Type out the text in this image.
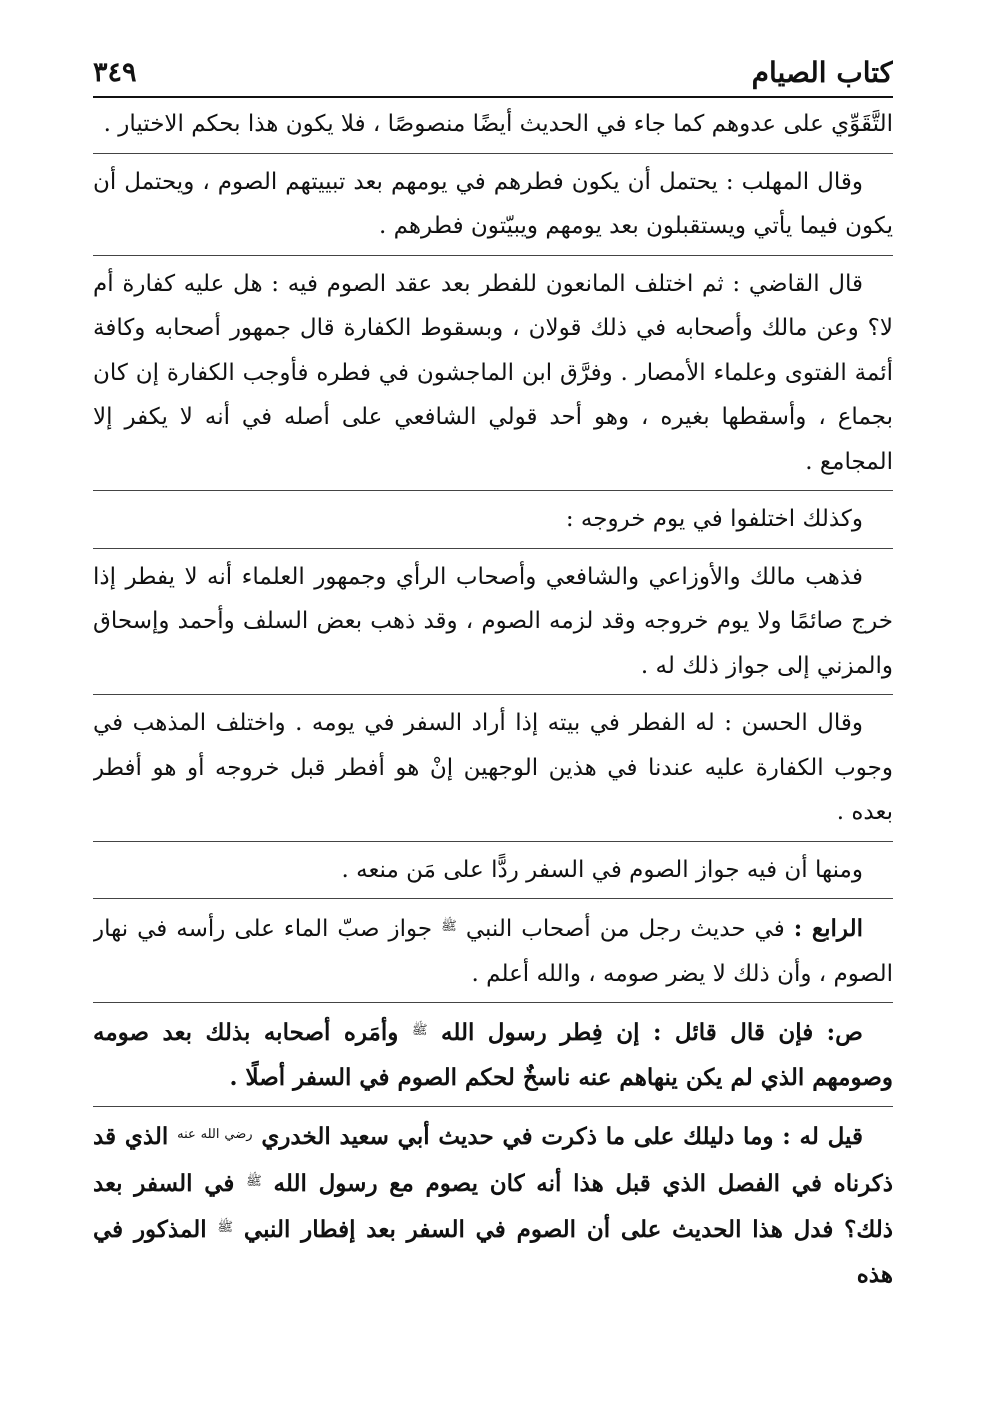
كتاب الصيام
٣٤٩

التَّقَوِّي على عدوهم كما جاء في الحديث أيضًا منصوصًا ، فلا يكون هذا بحكم الاختيار .

وقال المهلب : يحتمل أن يكون فطرهم في يومهم بعد تبييتهم الصوم ، ويحتمل أن يكون فيما يأتي ويستقبلون بعد يومهم ويبيّتون فطرهم .

قال القاضي : ثم اختلف المانعون للفطر بعد عقد الصوم فيه : هل عليه كفارة أم لا؟ وعن مالك وأصحابه في ذلك قولان ، وبسقوط الكفارة قال جمهور أصحابه وكافة أئمة الفتوى وعلماء الأمصار . وفرَّق ابن الماجشون في فطره فأوجب الكفارة إن كان بجماع ، وأسقطها بغيره ، وهو أحد قولي الشافعي على أصله في أنه لا يكفر إلا المجامع .

وكذلك اختلفوا في يوم خروجه :

فذهب مالك والأوزاعي والشافعي وأصحاب الرأي وجمهور العلماء أنه لا يفطر إذا خرج صائمًا ولا يوم خروجه وقد لزمه الصوم ، وقد ذهب بعض السلف وأحمد وإسحاق والمزني إلى جواز ذلك له .

وقال الحسن : له الفطر في بيته إذا أراد السفر في يومه . واختلف المذهب في وجوب الكفارة عليه عندنا في هذين الوجهين إنْ هو أفطر قبل خروجه أو هو أفطر بعده .

ومنها أن فيه جواز الصوم في السفر ردًّا على مَن منعه .

الرابع : في حديث رجل من أصحاب النبي $^ﷺ$ جواز صبّ الماء على رأسه في نهار الصوم ، وأن ذلك لا يضر صومه ، والله أعلم .

ص: فإن قال قائل : إن فِطر رسول الله $^ﷺ$ وأمَره أصحابه بذلك بعد صومه وصومهم الذي لم يكن ينهاهم عنه ناسخٌ لحكم الصوم في السفر أصلًا .

قيل له : وما دليلك على ما ذكرت في حديث أبي سعيد الخدري $^{رضي الله عنه}$ الذي قد ذكرناه في الفصل الذي قبل هذا أنه كان يصوم مع رسول الله $^ﷺ$ في السفر بعد ذلك؟ فدل هذا الحديث على أن الصوم في السفر بعد إفطار النبي $^ﷺ$ المذكور في هذه
